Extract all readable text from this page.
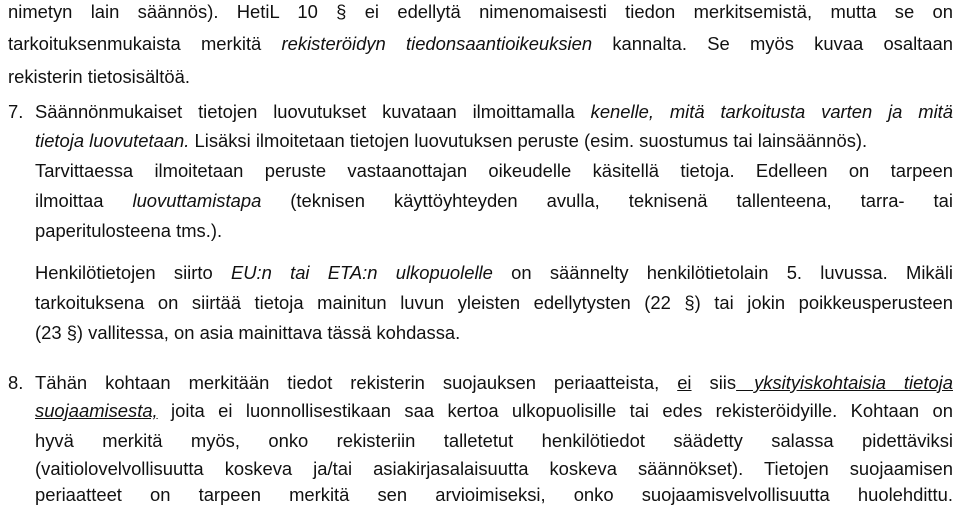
nimetyn lain säännös). HetiL 10 § ei edellytä nimenomaisesti tiedon merkitsemistä, mutta se on
tarkoituksenmukaista merkitä rekisteröidyn tiedonsaantioikeuksien kannalta. Se myös kuvaa osaltaan
rekisterin tietosisältöä.
7. Säännönmukaiset tietojen luovutukset kuvataan ilmoittamalla kenelle, mitä tarkoitusta varten ja mitä
tietoja luovutetaan. Lisäksi ilmoitetaan tietojen luovutuksen peruste (esim. suostumus tai lainsäännös).
Tarvittaessa ilmoitetaan peruste vastaanottajan oikeudelle käsitellä tietoja. Edelleen on tarpeen
ilmoittaa luovuttamistapa (teknisen käyttöyhteyden avulla, teknisenä tallenteena, tarra- tai
paperitulosteena tms.).
Henkilötietojen siirto EU:n tai ETA:n ulkopuolelle on säännelty henkilötietolain 5. luvussa. Mikäli
tarkoituksena on siirtää tietoja mainitun luvun yleisten edellytysten (22 §) tai jokin poikkeusperusteen
(23 §) vallitessa, on asia mainittava tässä kohdassa.
8. Tähän kohtaan merkitään tiedot rekisterin suojauksen periaatteista, ei siis yksityiskohtaisia tietoja
suojaamisesta, joita ei luonnollisestikaan saa kertoa ulkopuolisille tai edes rekisteröidyille. Kohtaan on
hyvä merkitä myös, onko rekisteriin talletetut henkilötiedot säädetty salassa pidettäviksi
(vaitiolovelvollisuutta koskeva ja/tai asiakirjasalaisuutta koskeva säännökset). Tietojen suojaamisen
periaatteet on tarpeen merkitä sen arvioimiseksi, onko suojaamisvelvollisuutta huolehdittu.
